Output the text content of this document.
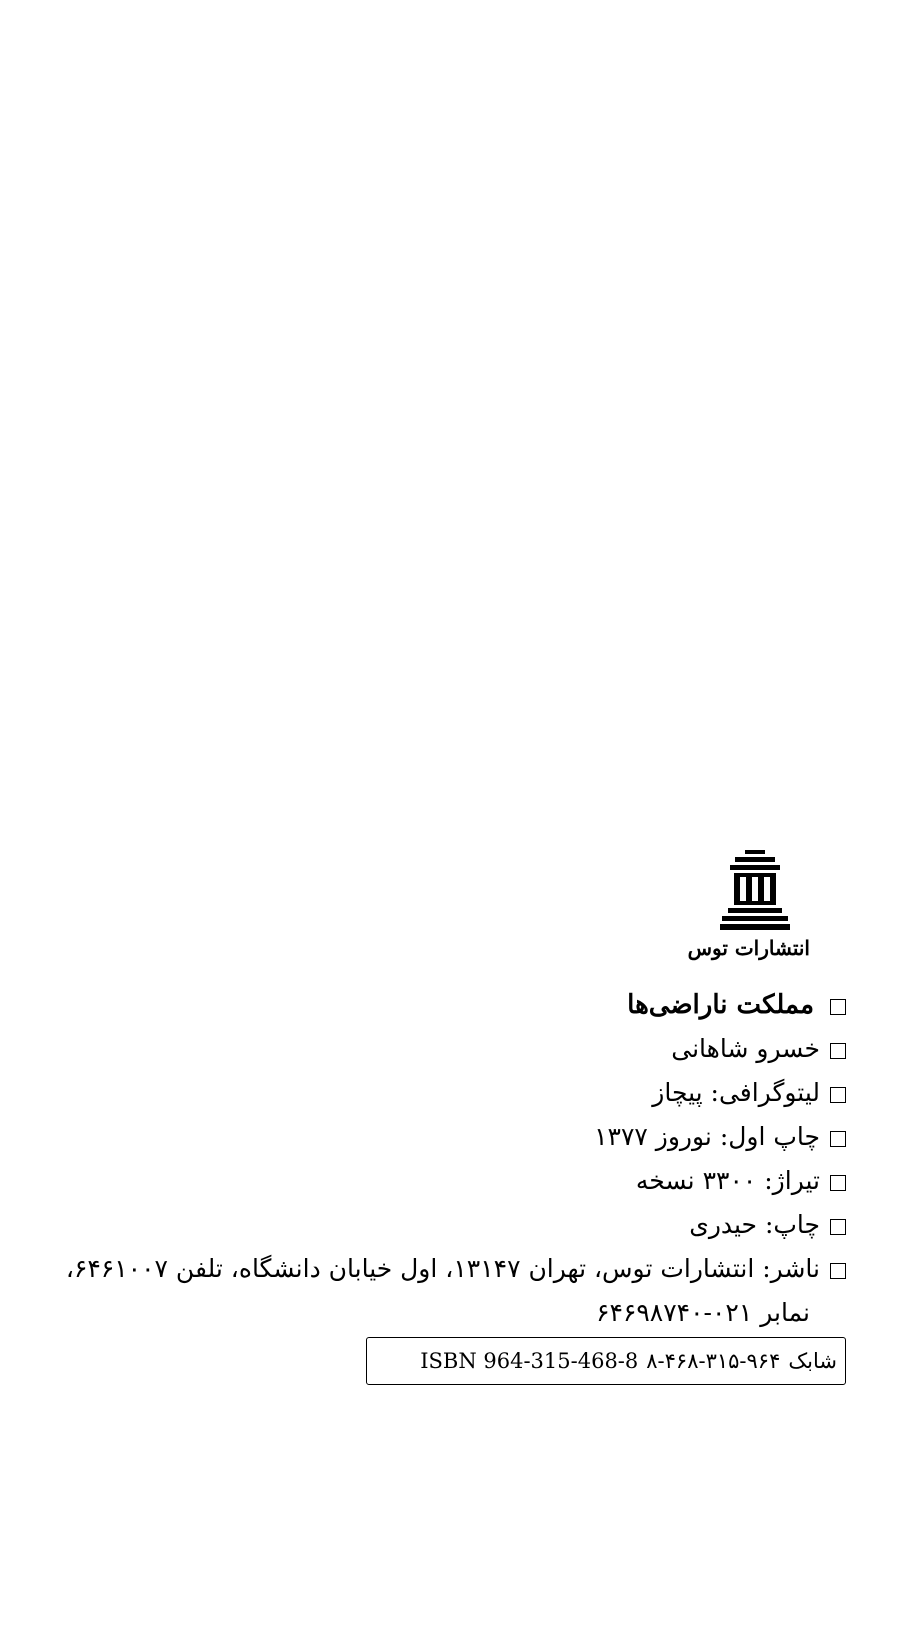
انتشارات توس
مملکت ناراضی‌ها
خسرو شاهانی
لیتوگرافی: پیچاز
چاپ اول: نوروز ۱۳۷۷
تیراژ: ۳۳۰۰ نسخه
چاپ: حیدری
ناشر: انتشارات توس، تهران ۱۳۱۴۷، اول خیابان دانشگاه، تلفن ۶۴۶۱۰۰۷،
نمابر ۰۲۱-۶۴۶۹۸۷۴۰
شابک
۸-۴۶۸-۳۱۵-۹۶۴
ISBN 964-315-468-8
